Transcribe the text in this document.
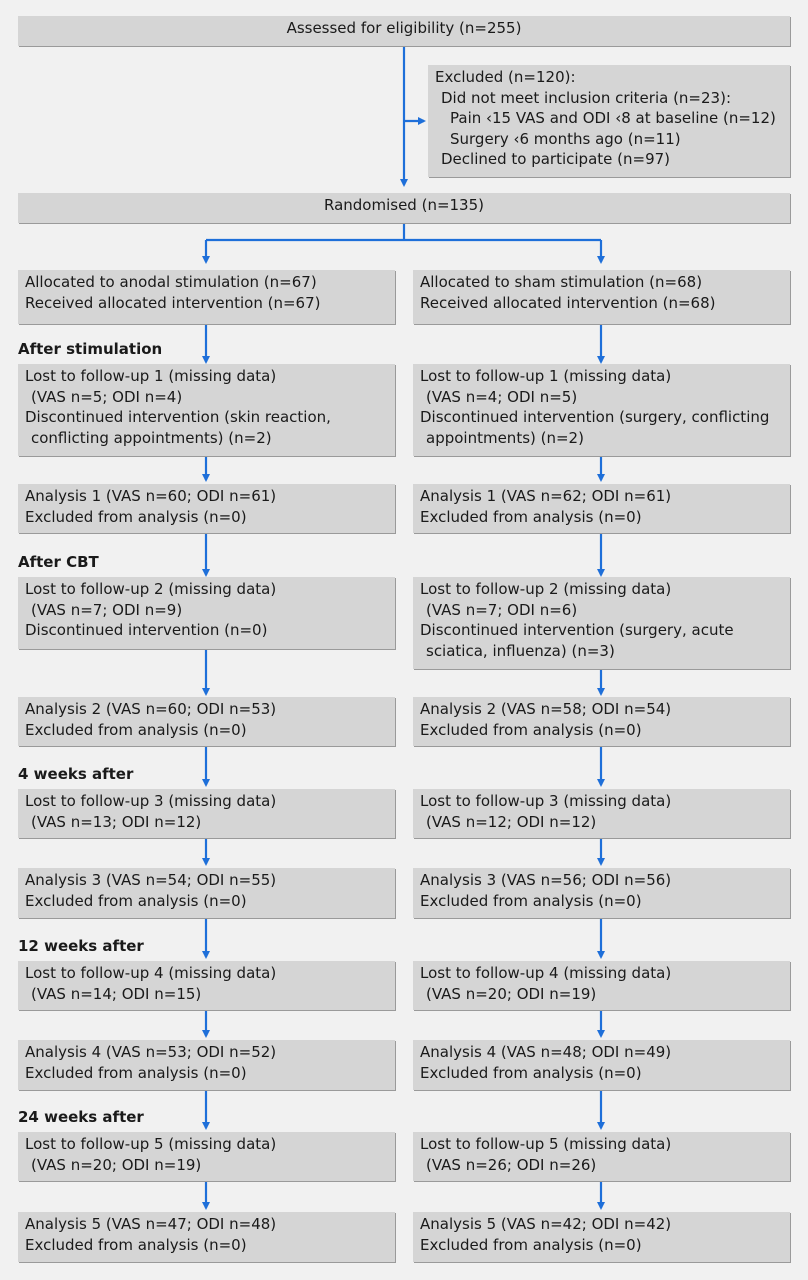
Assessed for eligibility (n=255)
Excluded (n=120):
Did not meet inclusion criteria (n=23):
Pain ‹15 VAS and ODI ‹8 at baseline (n=12)
Surgery ‹6 months ago (n=11)
Declined to participate (n=97)
Randomised (n=135)
Allocated to anodal stimulation (n=67)
Received allocated intervention (n=67)
Allocated to sham stimulation (n=68)
Received allocated intervention (n=68)
After stimulation
Lost to follow-up 1 (missing data)
(VAS n=5; ODI n=4)
Discontinued intervention (skin reaction,
conflicting appointments) (n=2)
Lost to follow-up 1 (missing data)
(VAS n=4; ODI n=5)
Discontinued intervention (surgery, conflicting
appointments) (n=2)
Analysis 1 (VAS n=60; ODI n=61)
Excluded from analysis (n=0)
Analysis 1 (VAS n=62; ODI n=61)
Excluded from analysis (n=0)
After CBT
Lost to follow-up 2 (missing data)
(VAS n=7; ODI n=9)
Discontinued intervention (n=0)
Lost to follow-up 2 (missing data)
(VAS n=7; ODI n=6)
Discontinued intervention (surgery, acute
sciatica, influenza) (n=3)
Analysis 2 (VAS n=60; ODI n=53)
Excluded from analysis (n=0)
Analysis 2 (VAS n=58; ODI n=54)
Excluded from analysis (n=0)
4 weeks after
Lost to follow-up 3 (missing data)
(VAS n=13; ODI n=12)
Lost to follow-up 3 (missing data)
(VAS n=12; ODI n=12)
Analysis 3 (VAS n=54; ODI n=55)
Excluded from analysis (n=0)
Analysis 3 (VAS n=56; ODI n=56)
Excluded from analysis (n=0)
12 weeks after
Lost to follow-up 4 (missing data)
(VAS n=14; ODI n=15)
Lost to follow-up 4 (missing data)
(VAS n=20; ODI n=19)
Analysis 4 (VAS n=53; ODI n=52)
Excluded from analysis (n=0)
Analysis 4 (VAS n=48; ODI n=49)
Excluded from analysis (n=0)
24 weeks after
Lost to follow-up 5 (missing data)
(VAS n=20; ODI n=19)
Lost to follow-up 5 (missing data)
(VAS n=26; ODI n=26)
Analysis 5 (VAS n=47; ODI n=48)
Excluded from analysis (n=0)
Analysis 5 (VAS n=42; ODI n=42)
Excluded from analysis (n=0)
